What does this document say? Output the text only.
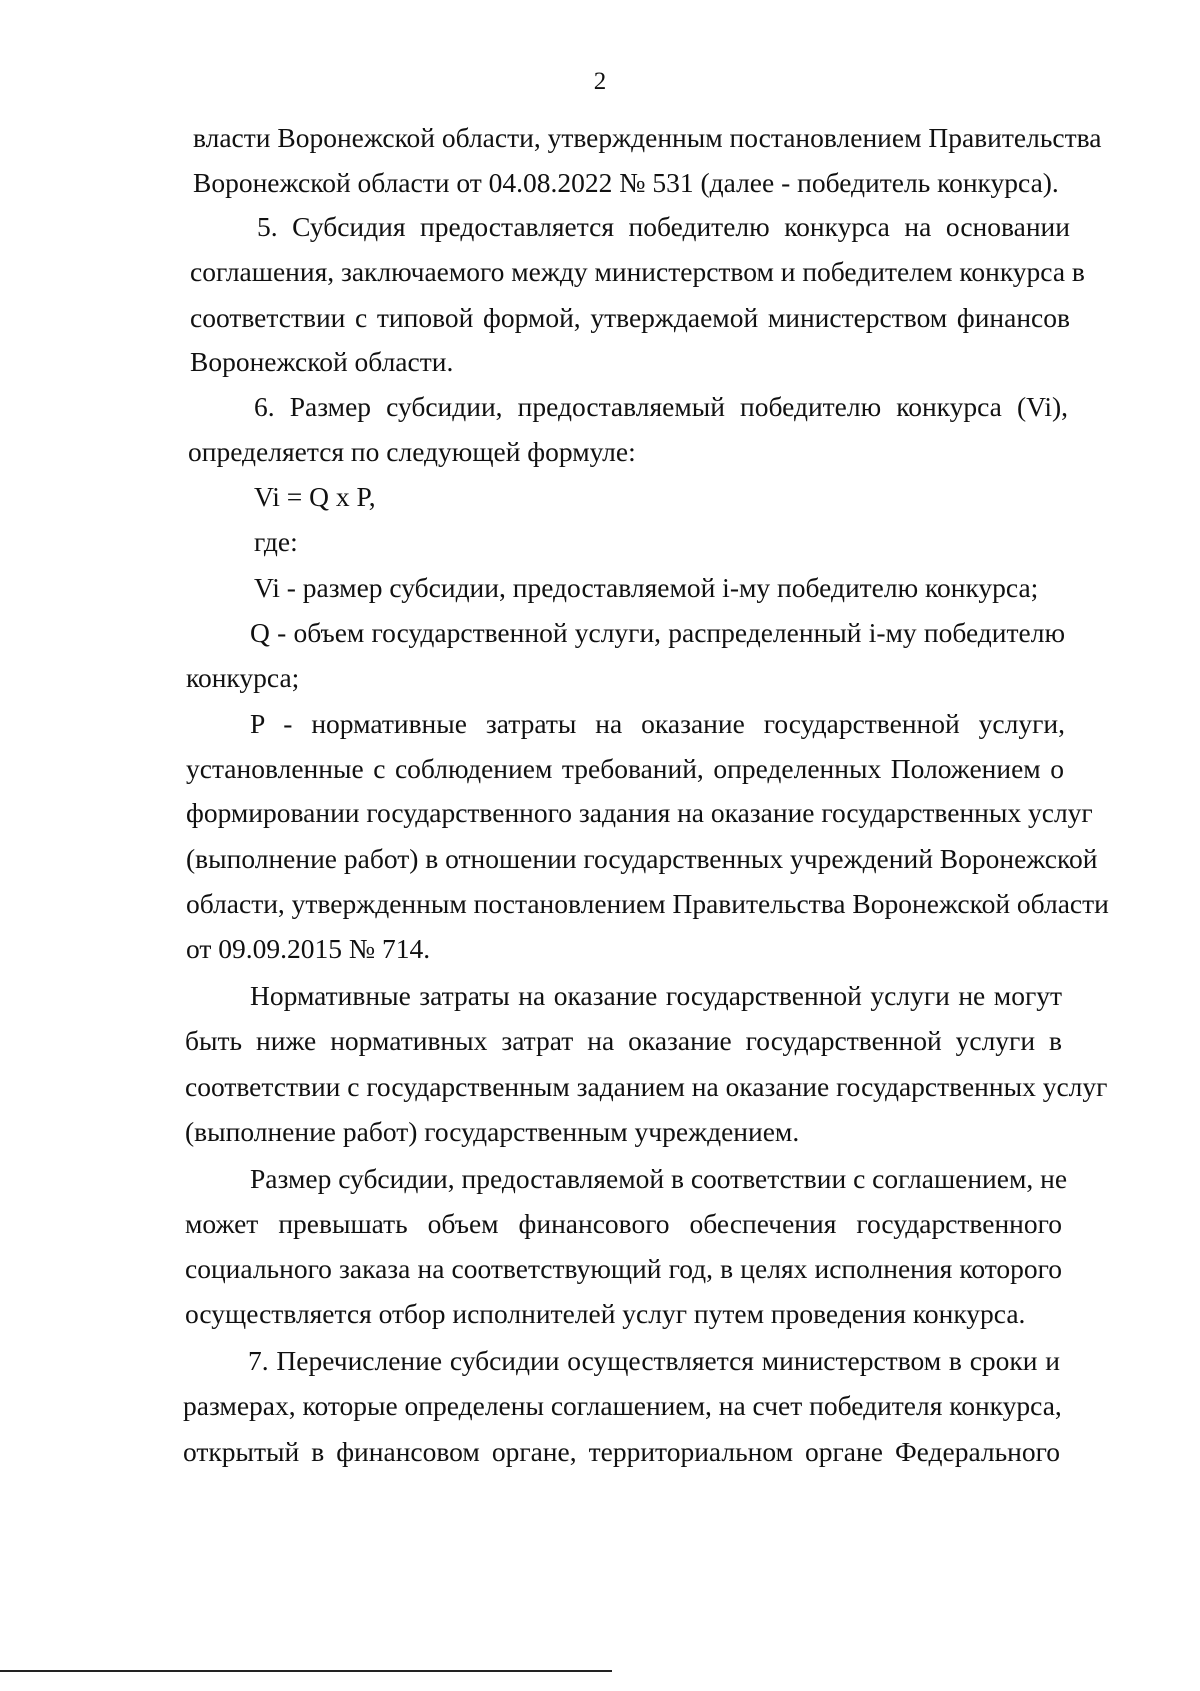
2
власти Воронежской области, утвержденным постановлением Правительства
Воронежской области от 04.08.2022 № 531 (далее - победитель конкурса).
5. Субсидия предоставляется победителю конкурса на основании
соглашения, заключаемого между министерством и победителем конкурса в
соответствии с типовой формой, утверждаемой министерством финансов
Воронежской области.
6. Размер субсидии, предоставляемый победителю конкурса (Vi),
определяется по следующей формуле:
Vi = Q x P,
где:
Vi - размер субсидии, предоставляемой i-му победителю конкурса;
Q - объем государственной услуги, распределенный i-му победителю
конкурса;
P - нормативные затраты на оказание государственной услуги,
установленные с соблюдением требований, определенных Положением о
формировании государственного задания на оказание государственных услуг
(выполнение работ) в отношении государственных учреждений Воронежской
области, утвержденным постановлением Правительства Воронежской области
от 09.09.2015 № 714.
Нормативные затраты на оказание государственной услуги не могут
быть ниже нормативных затрат на оказание государственной услуги в
соответствии с государственным заданием на оказание государственных услуг
(выполнение работ) государственным учреждением.
Размер субсидии, предоставляемой в соответствии с соглашением, не
может превышать объем финансового обеспечения государственного
социального заказа на соответствующий год, в целях исполнения которого
осуществляется отбор исполнителей услуг путем проведения конкурса.
7. Перечисление субсидии осуществляется министерством в сроки и
размерах, которые определены соглашением, на счет победителя конкурса,
открытый в финансовом органе, территориальном органе Федерального
